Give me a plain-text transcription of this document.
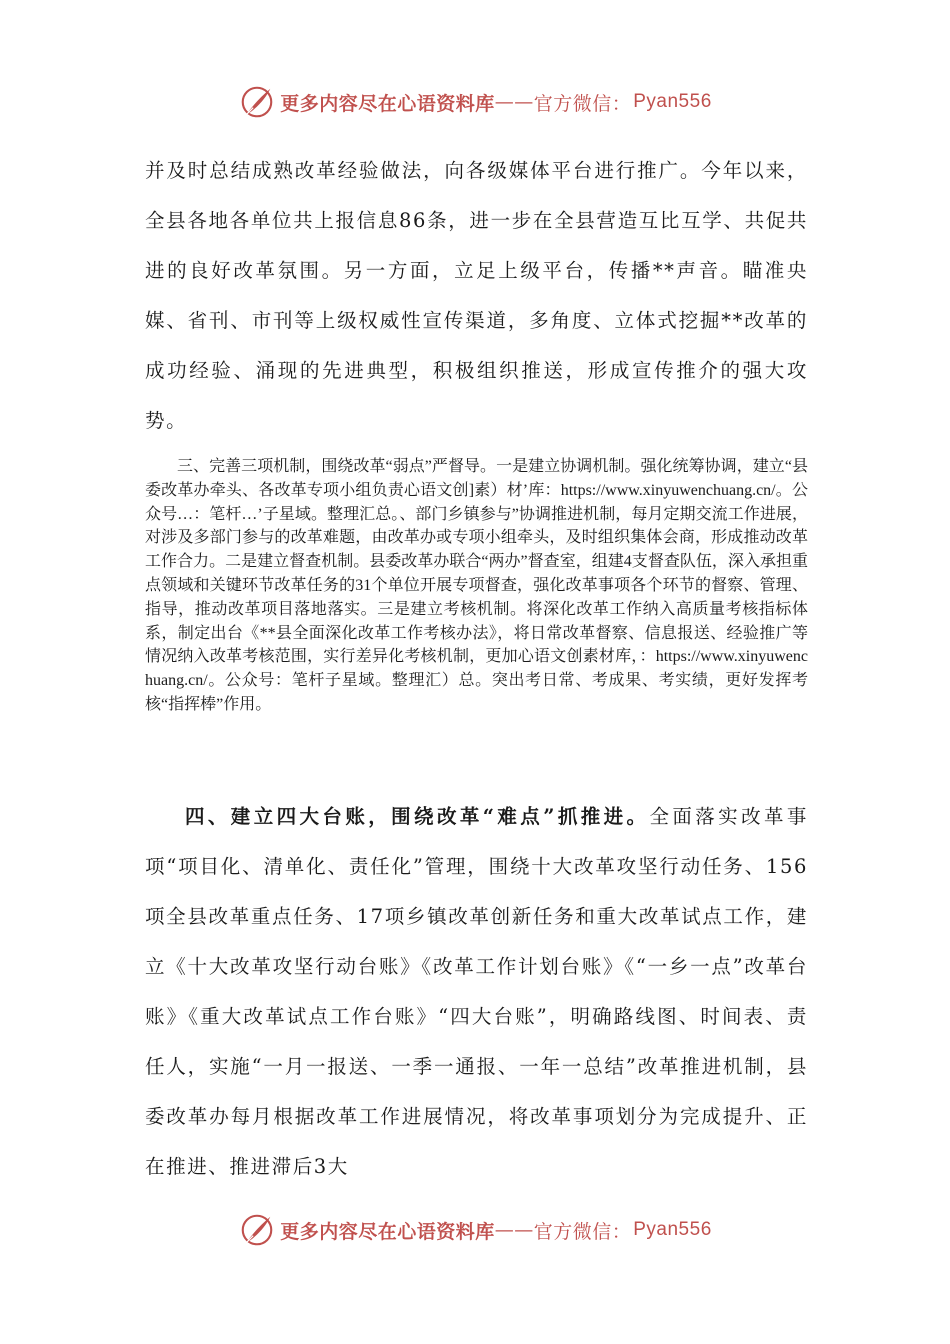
更多内容尽在心语资料库 —— 官方微信： Pyan556

并及时总结成熟改革经验做法，向各级媒体平台进行推广。今年以来，全县各地各单位共上报信息86条，进一步在全县营造互比互学、共促共进的良好改革氛围。另一方面，立足上级平台，传播**声音。瞄准央媒、省刊、市刊等上级权威性宣传渠道，多角度、立体式挖掘**改革的成功经验、涌现的先进典型，积极组织推送，形成宣传推介的强大攻势。

三、完善三项机制，围绕改革“弱点”严督导。一是建立协调机制。强化统筹协调，建立“县委改革办牵头、各改革专项小组负责心语文创]素）材’库：https://www.xinyuwenchuang.cn/。公众号…：笔杆…’子星域。整理汇总。、部门乡镇参与”协调推进机制，每月定期交流工作进展，对涉及多部门参与的改革难题，由改革办或专项小组牵头，及时组织集体会商，形成推动改革工作合力。二是建立督查机制。县委改革办联合“两办”督查室，组建4支督查队伍，深入承担重点领域和关键环节改革任务的31个单位开展专项督查，强化改革事项各个环节的督察、管理、指导，推动改革项目落地落实。三是建立考核机制。将深化改革工作纳入高质量考核指标体系，制定出台《**县全面深化改革工作考核办法》，将日常改革督察、信息报送、经验推广等情况纳入改革考核范围，实行差异化考核机制，更加心语文创素材库，：https://www.xinyuwenchuang.cn/。公众号：笔杆子星域。整理汇）总。突出考日常、考成果、考实绩，更好发挥考核“指挥棒”作用。

四、建立四大台账，围绕改革“难点”抓推进。全面落实改革事项“项目化、清单化、责任化”管理，围绕十大改革攻坚行动任务、156项全县改革重点任务、17项乡镇改革创新任务和重大改革试点工作，建立《十大改革攻坚行动台账》《改革工作计划台账》《“一乡一点”改革台账》《重大改革试点工作台账》“四大台账”，明确路线图、时间表、责任人，实施“一月一报送、一季一通报、一年一总结”改革推进机制，县委改革办每月根据改革工作进展情况，将改革事项划分为完成提升、正在推进、推进滞后3大

更多内容尽在心语资料库 —— 官方微信： Pyan556
